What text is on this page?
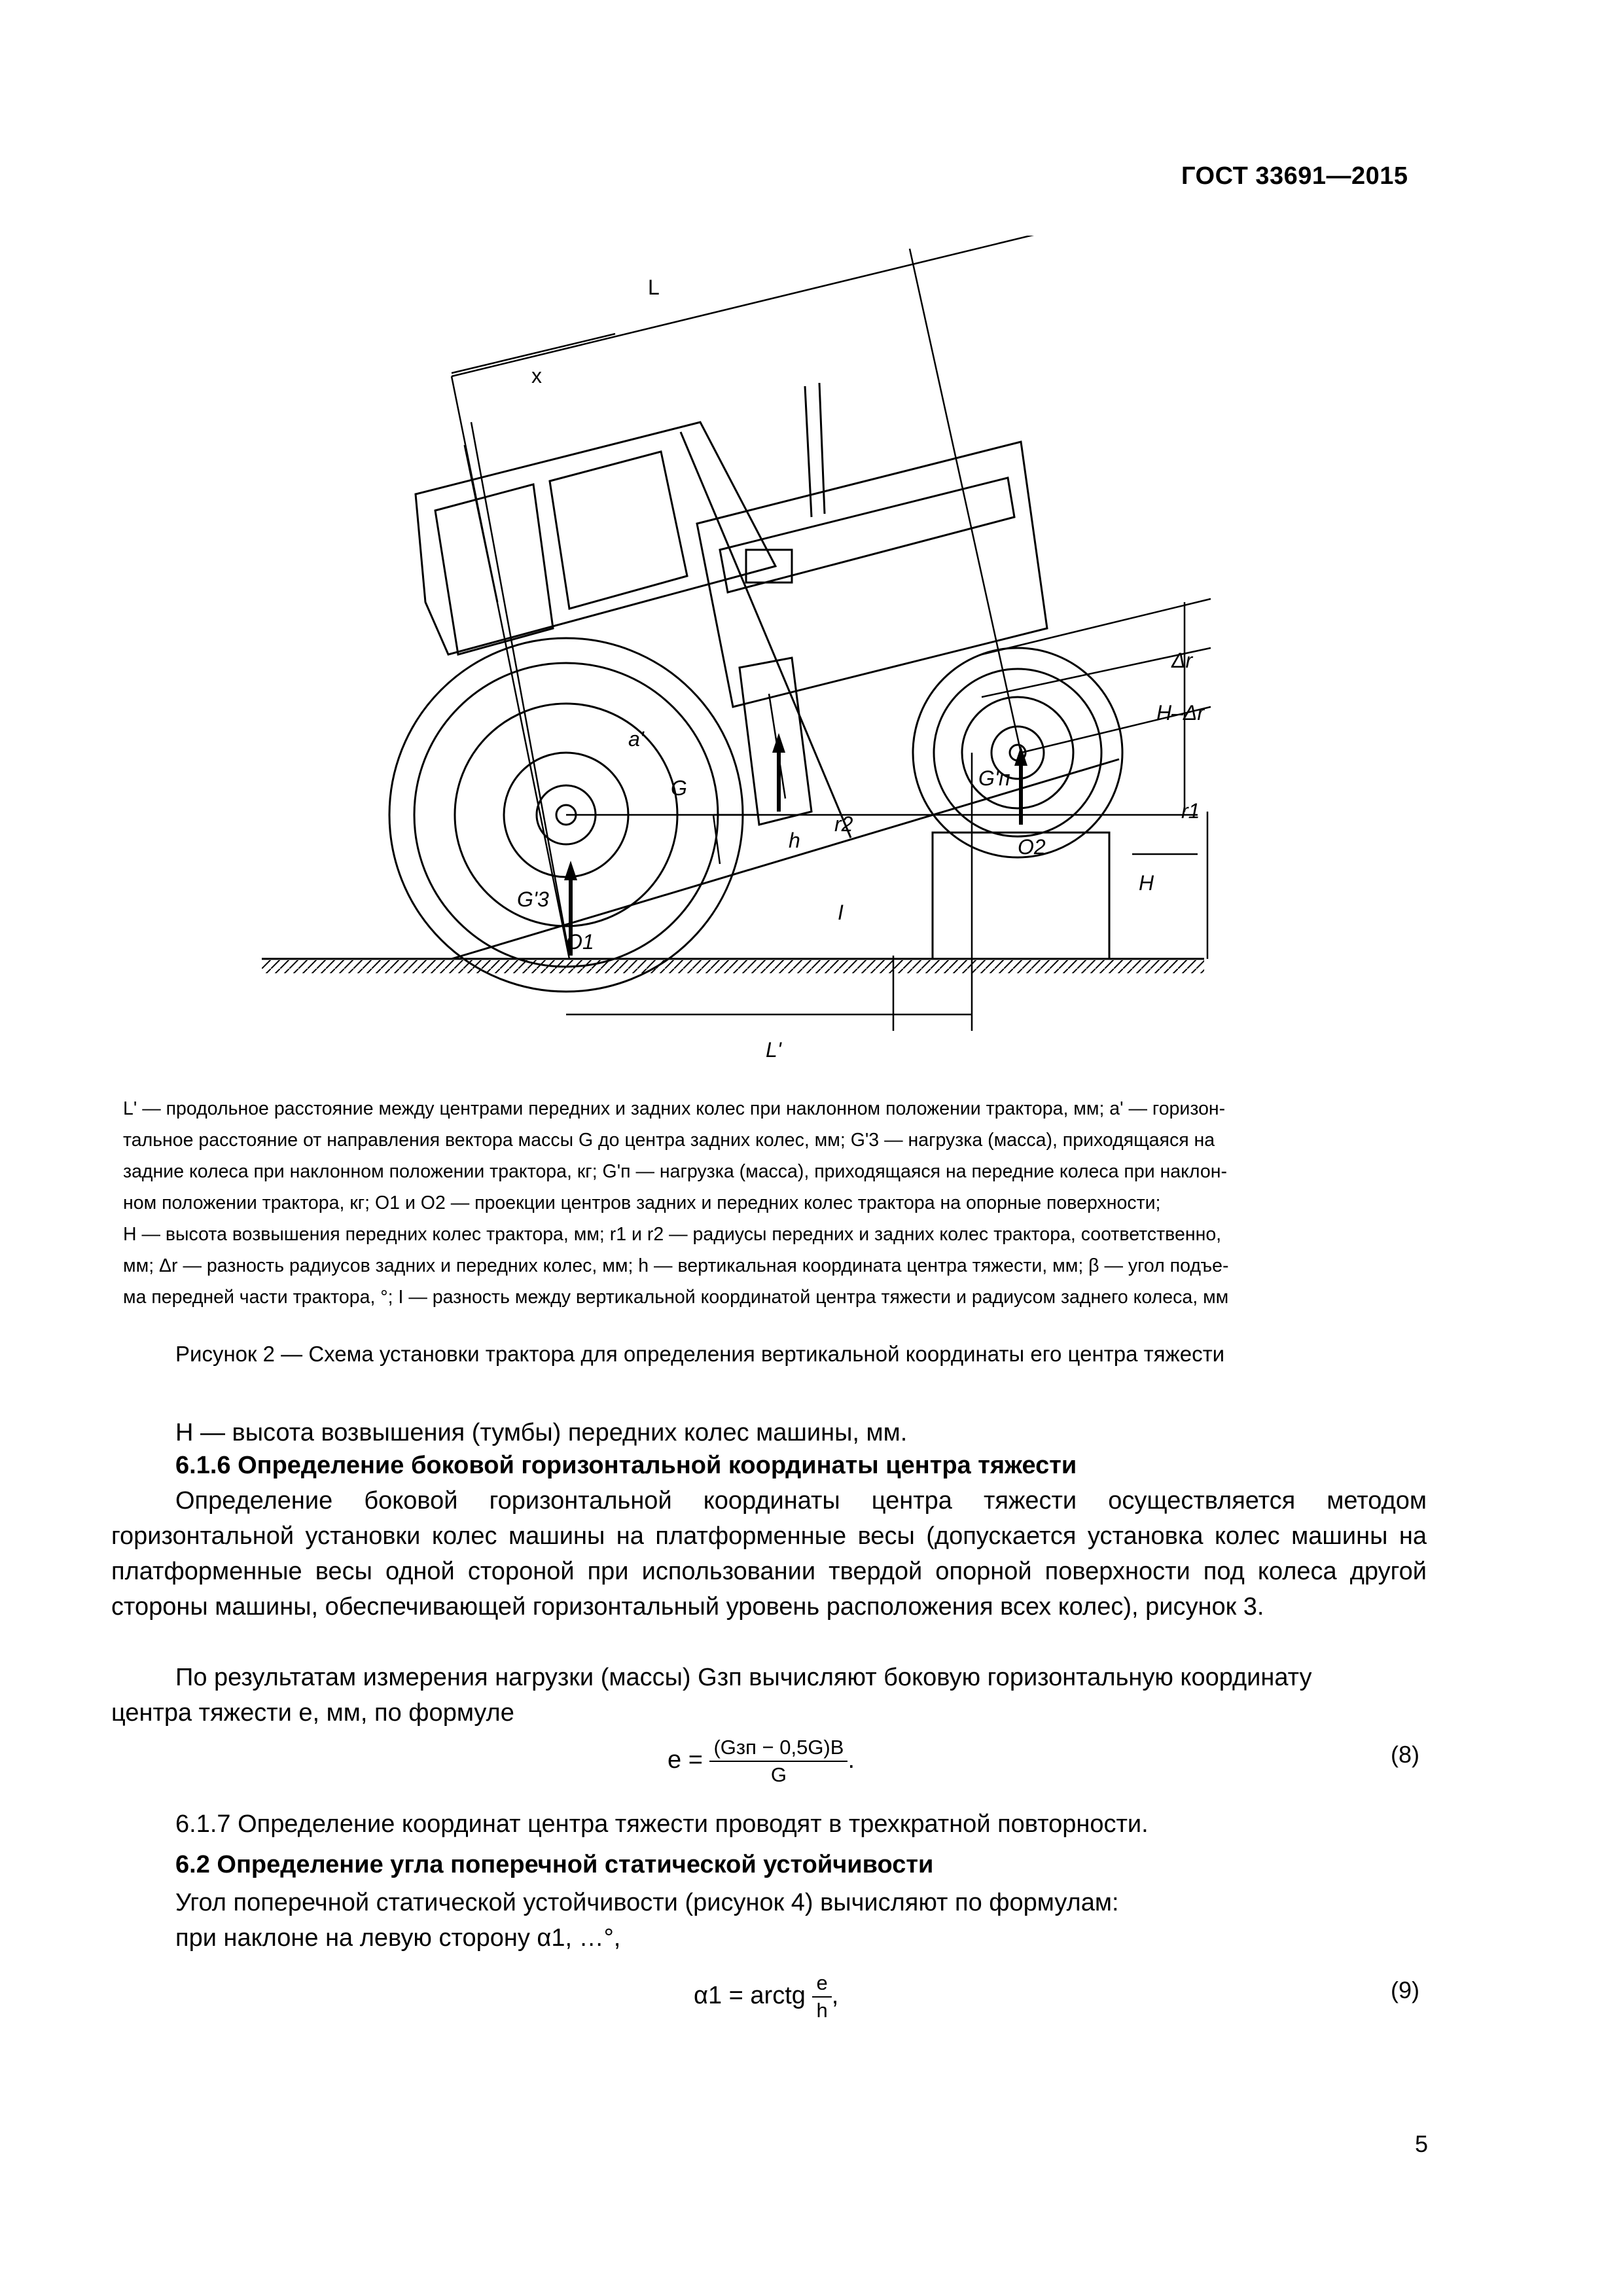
ГОСТ 33691—2015
L
x
a'
G	G'п
G'3
O1
O2
h
r2
r1
I
H
Δr
H–Δr
L'

L' — продольное расстояние между центрами передних и задних колес при наклонном положении трактора, мм; a' — горизон-

тальное расстояние от направления вектора массы G до центра задних колес, мм; G'3 — нагрузка (масса), приходящаяся на

задние колеса при наклонном положении трактора, кг; G'п — нагрузка (масса), приходящаяся на передние колеса при наклон-

ном положении трактора, кг; O1 и O2 — проекции центров задних и передних колес трактора на опорные поверхности;

H — высота возвышения передних колес трактора, мм; r1 и r2 — радиусы передних и задних колес трактора, соответственно,

мм; Δr — разность радиусов задних и передних колес, мм; h — вертикальная координата центра тяжести, мм; β — угол подъе-

ма передней части трактора, °; I — разность между вертикальной координатой центра тяжести и радиусом заднего колеса, мм

Рисунок 2 — Схема установки трактора для определения вертикальной координаты его центра тяжести
H — высота возвышения (тумбы) передних колес машины, мм.
6.1.6 Определение боковой горизонтальной координаты центра тяжести
Определение боковой горизонтальной координаты центра тяжести осуществляется методом горизонтальной установки колес машины на платформенные весы (допускается установка колес машины на платформенные весы одной стороной при использовании твердой опорной поверхности под колеса другой стороны машины, обеспечивающей горизонтальный уровень расположения всех колес), рисунок 3.
По результатам измерения нагрузки (массы) Gзп вычисляют боковую горизонтальную координату
центра тяжести e, мм, по формуле
$e = \frac{\text{(Gзп − 0,5G)B}}{G}$ .	(8)
6.1.7 Определение координат центра тяжести проводят в трехкратной повторности.
6.2 Определение угла поперечной статической устойчивости
Угол поперечной статической устойчивости (рисунок 4) вычисляют по формулам:
при наклоне на левую сторону α1, …°,
α1 = arctg $\frac{e}{h}$ ,	(9)
5
